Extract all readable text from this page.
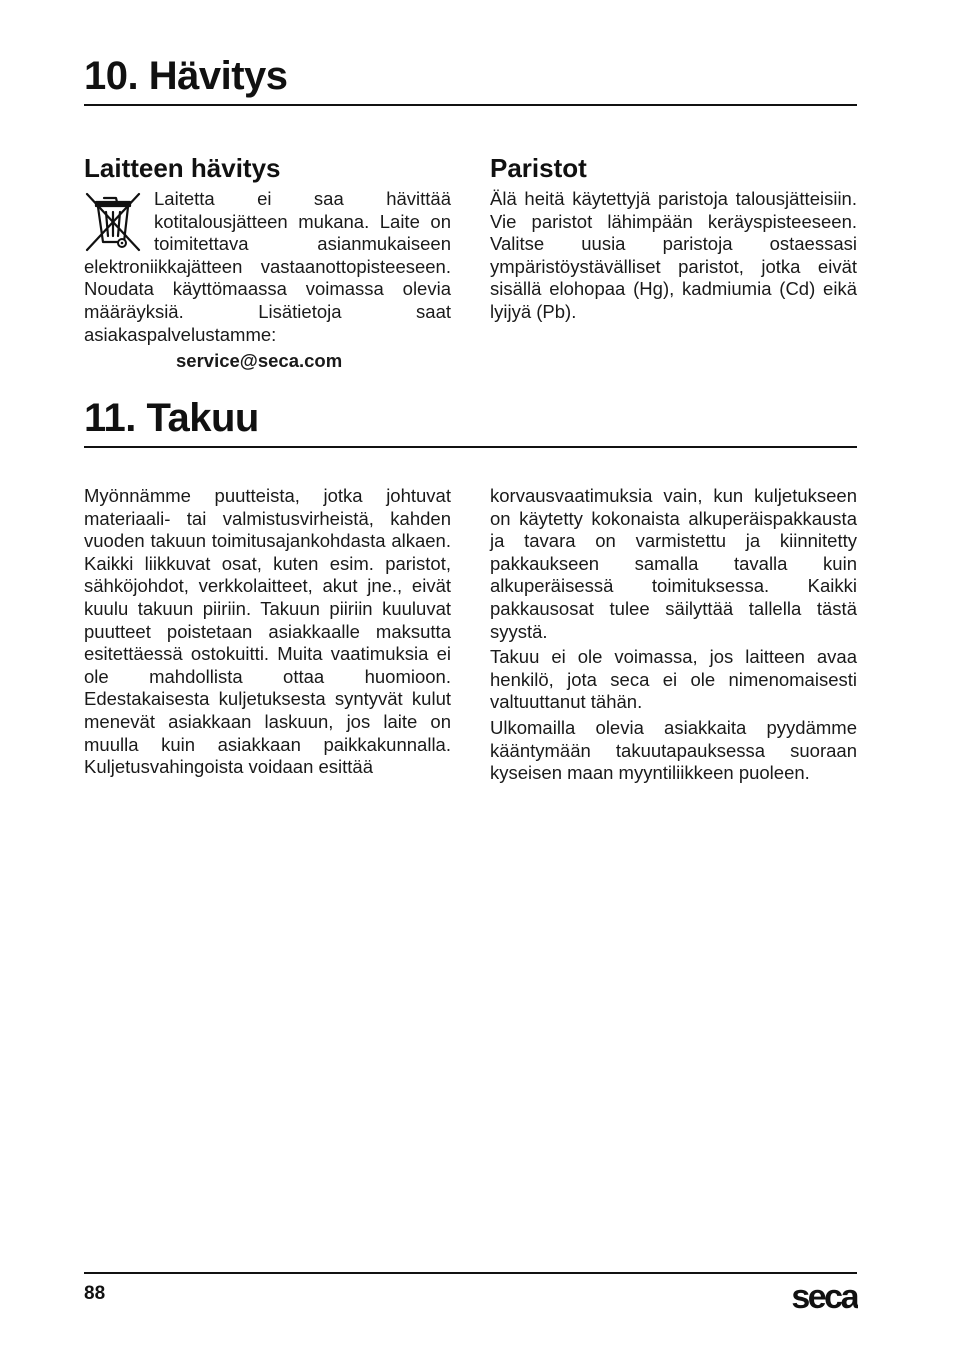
10. Hävitys
Laitteen hävitys

Laitetta ei saa hävittää kotitalousjätteen mukana. Laite on toimitettava asianmukaiseen elektroniikkajätteen vastaanottopisteeseen. Noudata käyttömaassa voimassa olevia määräyksiä. Lisätietoja saat asiakaspalvelustamme:

service@seca.com

Paristot

Älä heitä käytettyjä paristoja talousjätteisiin. Vie paristot lähimpään keräyspisteeseen. Valitse uusia paristoja ostaessasi ympäristöystävälliset paristot, jotka eivät sisällä elohopaa (Hg), kadmiumia (Cd) eikä lyijyä (Pb).

11. Takuu

Myönnämme puutteista, jotka johtuvat materiaali- tai valmistusvirheistä, kahden vuoden takuun toimitusajankohdasta alkaen. Kaikki liikkuvat osat, kuten esim. paristot, sähköjohdot, verkkolaitteet, akut jne., eivät kuulu takuun piiriin. Takuun piiriin kuuluvat puutteet poistetaan asiakkaalle maksutta esitettäessä ostokuitti. Muita vaatimuksia ei ole mahdollista ottaa huomioon. Edestakaisesta kuljetuksesta syntyvät kulut menevät asiakkaan laskuun, jos laite on muulla kuin asiakkaan paikkakunnalla. Kuljetusvahingoista voidaan esittää

korvausvaatimuksia vain, kun kuljetukseen on käytetty kokonaista alkuperäispakkausta ja tavara on varmistettu ja kiinnitetty pakkaukseen samalla tavalla kuin alkuperäisessä toimituksessa. Kaikki pakkausosat tulee säilyttää tallella tästä syystä.

Takuu ei ole voimassa, jos laitteen avaa henkilö, jota seca ei ole nimenomaisesti valtuuttanut tähän.

Ulkomailla olevia asiakkaita pyydämme kääntymään takuutapauksessa suoraan kyseisen maan myyntiliikkeen puoleen.

88	seca
